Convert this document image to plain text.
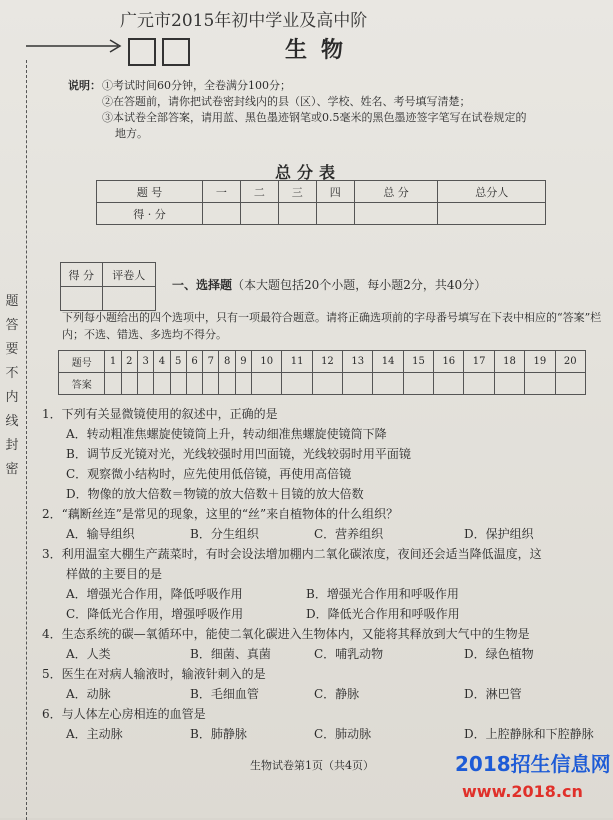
题
答
要
不
内
线
封
密
广元市2015年初中学业及高中阶
生物
说明： ①考试时间60分钟，全卷满分100分；
②在答题前，请你把试卷密封线内的县（区）、学校、姓名、考号填写清楚；
③本试卷全部答案，请用蓝、黑色墨迹钢笔或0.5毫米的黑色墨迹签字笔写在试卷规定的
地方。
总分表
题 号	一	二	三	四	总 分	总分人
得 · 分						
得 分	评卷人

一、选择题（本大题包括20个小题，每小题2分，共40分）
下列每小题给出的四个选项中，只有一项最符合题意。请将正确选项前的字母番号填写在下表中相应的“答案”栏内；不选、错选、多选均不得分。
题号	1	2	3	4	5	6	7	8	9	10	11	12	13	14	15	16	17	18	19	20
答案																				
1．下列有关显微镜使用的叙述中，正确的是
A．转动粗准焦螺旋使镜筒上升，转动细准焦螺旋使镜筒下降
B．调节反光镜对光，光线较强时用凹面镜，光线较弱时用平面镜
C．观察微小结构时，应先使用低倍镜，再使用高倍镜
D．物像的放大倍数＝物镜的放大倍数＋目镜的放大倍数
2．“藕断丝连”是常见的现象，这里的“丝”来自植物体的什么组织？
A．输导组织	B．分生组织	C．营养组织	D．保护组织
3．利用温室大棚生产蔬菜时，有时会设法增加棚内二氧化碳浓度，夜间还会适当降低温度，这
样做的主要目的是
A．增强光合作用，降低呼吸作用	B．增强光合作用和呼吸作用
C．降低光合作用，增强呼吸作用	D．降低光合作用和呼吸作用
4．生态系统的碳—氧循环中，能使二氧化碳进入生物体内，又能将其释放到大气中的生物是
A．人类	B．细菌、真菌	C．哺乳动物	D．绿色植物
5．医生在对病人输液时，输液针刺入的是
A．动脉	B．毛细血管	C．静脉	D．淋巴管
6．与人体左心房相连的血管是
A．主动脉	B．肺静脉	C．肺动脉	D．上腔静脉和下腔静脉
生物试卷第1页（共4页）	2018招生信息网
www.2018.cn
